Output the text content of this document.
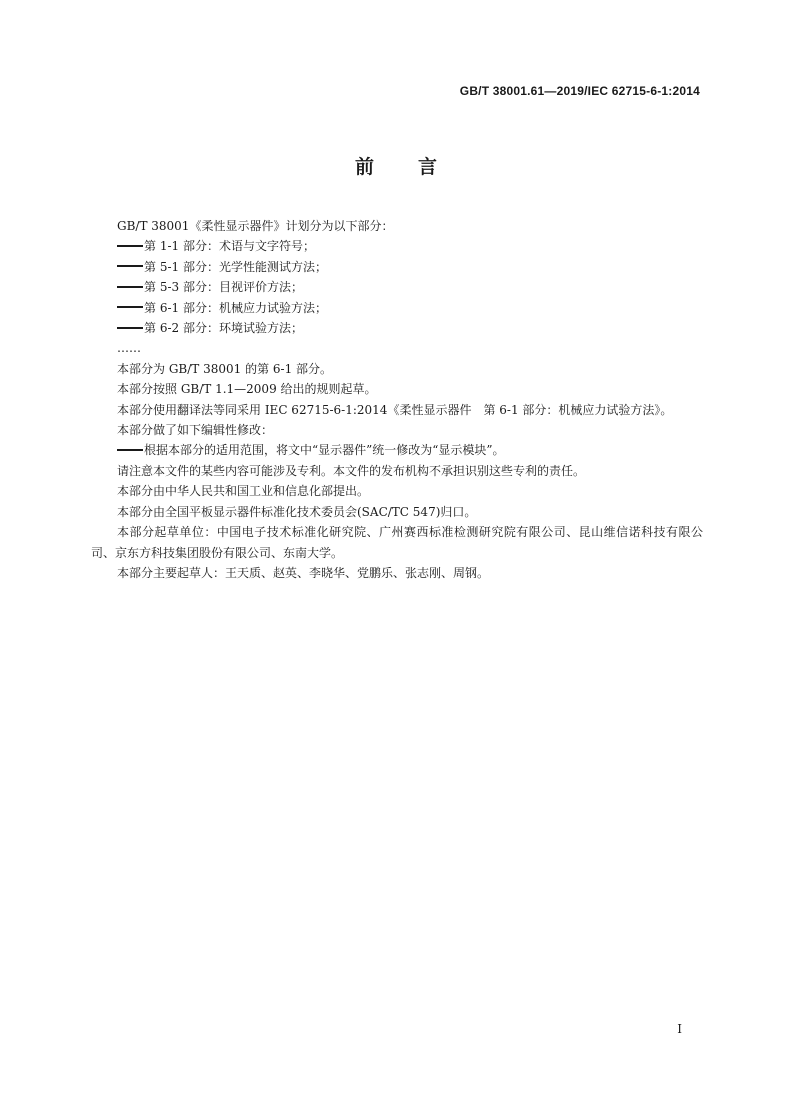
GB/T 38001.61—2019/IEC 62715-6-1:2014
前言

GB/T 38001《柔性显示器件》计划分为以下部分：

第 1-1 部分：术语与文字符号；

第 5-1 部分：光学性能测试方法；

第 5-3 部分：目视评价方法；

第 6-1 部分：机械应力试验方法；

第 6-2 部分：环境试验方法；

……

本部分为 GB/T 38001 的第 6-1 部分。

本部分按照 GB/T 1.1—2009 给出的规则起草。

本部分使用翻译法等同采用 IEC 62715-6-1:2014《柔性显示器件　第 6-1 部分：机械应力试验方法》。

本部分做了如下编辑性修改：

根据本部分的适用范围，将文中“显示器件”统一修改为“显示模块”。

请注意本文件的某些内容可能涉及专利。本文件的发布机构不承担识别这些专利的责任。

本部分由中华人民共和国工业和信息化部提出。

本部分由全国平板显示器件标准化技术委员会(SAC/TC 547)归口。

本部分起草单位：中国电子技术标准化研究院、广州赛西标准检测研究院有限公司、昆山维信诺科技有限公司、京东方科技集团股份有限公司、东南大学。

本部分主要起草人：王天质、赵英、李晓华、党鹏乐、张志刚、周钢。

I
